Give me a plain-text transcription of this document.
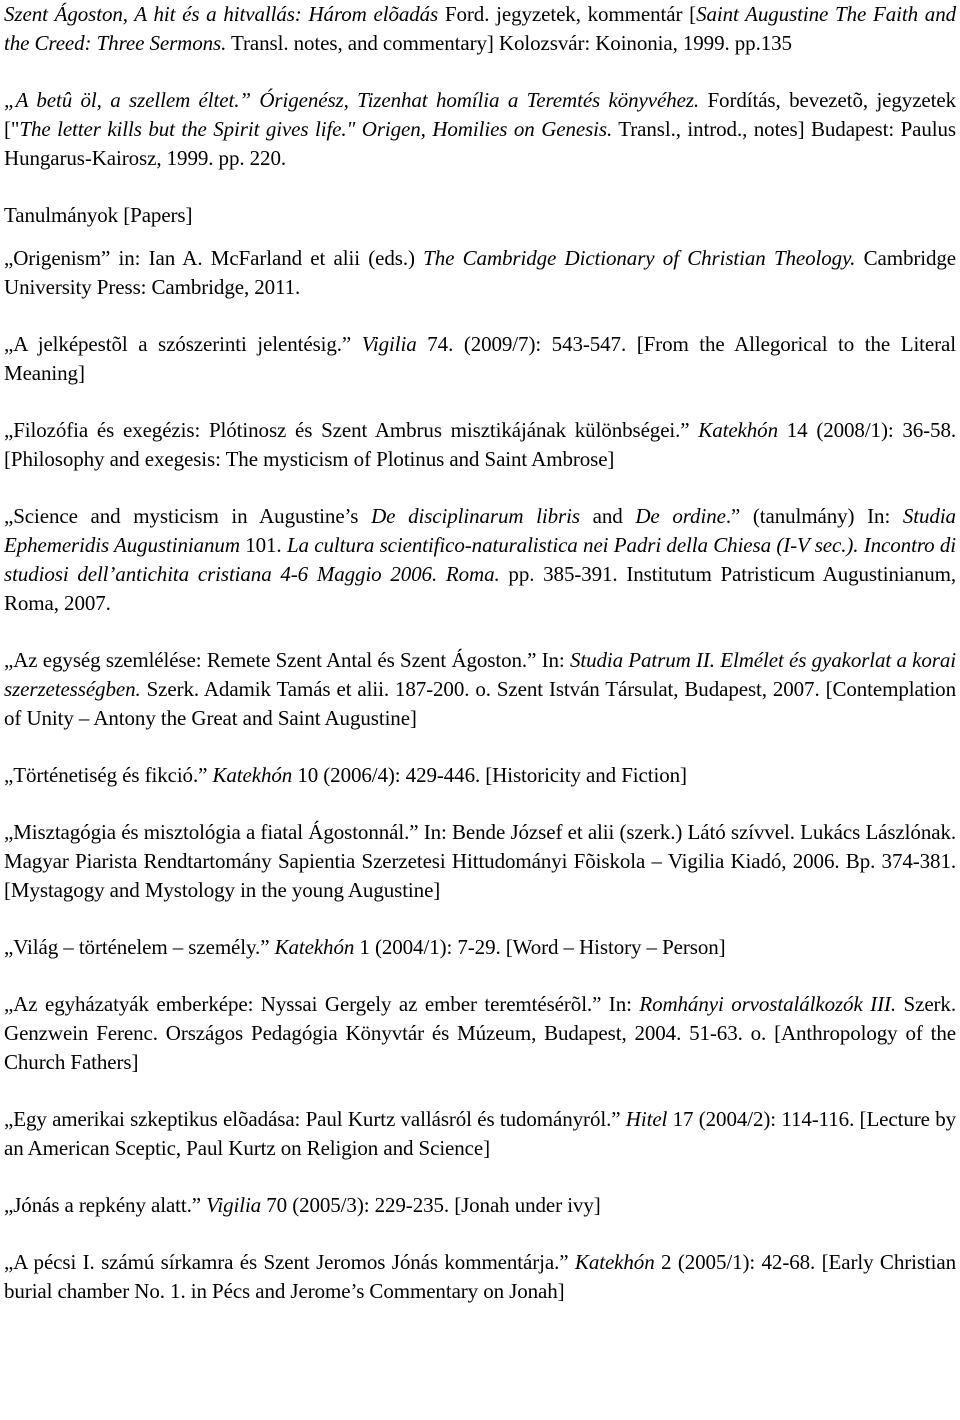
Szent Ágoston, A hit és a hitvallás: Három elõadás Ford. jegyzetek, kommentár [Saint Augustine The Faith and the Creed: Three Sermons. Transl. notes, and commentary] Kolozsvár: Koinonia, 1999. pp.135
„A betû öl, a szellem éltet.” Órigenész, Tizenhat homília a Teremtés könyvéhez. Fordítás, bevezetõ, jegyzetek ["The letter kills but the Spirit gives life." Origen, Homilies on Genesis. Transl., introd., notes] Budapest: Paulus Hungarus-Kairosz, 1999. pp. 220.
Tanulmányok [Papers]
„Origenism” in: Ian A. McFarland et alii (eds.) The Cambridge Dictionary of Christian Theology. Cambridge University Press: Cambridge, 2011.
„A jelképestõl a szószerinti jelentésig.” Vigilia 74. (2009/7): 543-547. [From the Allegorical to the Literal Meaning]
„Filozófia és exegézis: Plótinosz és Szent Ambrus misztikájának különbségei.” Katekhón 14 (2008/1): 36-58. [Philosophy and exegesis: The mysticism of Plotinus and Saint Ambrose]
„Science and mysticism in Augustine’s De disciplinarum libris and De ordine.” (tanulmány) In: Studia Ephemeridis Augustinianum 101. La cultura scientifico-naturalistica nei Padri della Chiesa (I-V sec.). Incontro di studiosi dell’antichita cristiana 4-6 Maggio 2006. Roma. pp. 385-391. Institutum Patristicum Augustinianum, Roma, 2007.
„Az egység szemlélése: Remete Szent Antal és Szent Ágoston.” In: Studia Patrum II. Elmélet és gyakorlat a korai szerzetességben. Szerk. Adamik Tamás et alii. 187-200. o. Szent István Társulat, Budapest, 2007. [Contemplation of Unity – Antony the Great and Saint Augustine]
„Történetiség és fikció.” Katekhón 10 (2006/4): 429-446. [Historicity and Fiction]
„Misztagógia és misztológia a fiatal Ágostonnál.” In: Bende József et alii (szerk.) Látó szívvel. Lukács Lászlónak. Magyar Piarista Rendtartomány Sapientia Szerzetesi Hittudományi Fõiskola – Vigilia Kiadó, 2006. Bp. 374-381. [Mystagogy and Mystology in the young Augustine]
„Világ – történelem – személy.” Katekhón 1 (2004/1): 7-29. [Word – History – Person]
„Az egyházatyák emberképe: Nyssai Gergely az ember teremtésérõl.” In: Romhányi orvostalálkozók III. Szerk. Genzwein Ferenc. Országos Pedagógia Könyvtár és Múzeum, Budapest, 2004. 51-63. o. [Anthropology of the Church Fathers]
„Egy amerikai szkeptikus elõadása: Paul Kurtz vallásról és tudományról.” Hitel 17 (2004/2): 114-116. [Lecture by an American Sceptic, Paul Kurtz on Religion and Science]
„Jónás a repkény alatt.” Vigilia 70 (2005/3): 229-235. [Jonah under ivy]
„A pécsi I. számú sírkamra és Szent Jeromos Jónás kommentárja.” Katekhón 2 (2005/1): 42-68. [Early Christian burial chamber No. 1. in Pécs and Jerome’s Commentary on Jonah]
